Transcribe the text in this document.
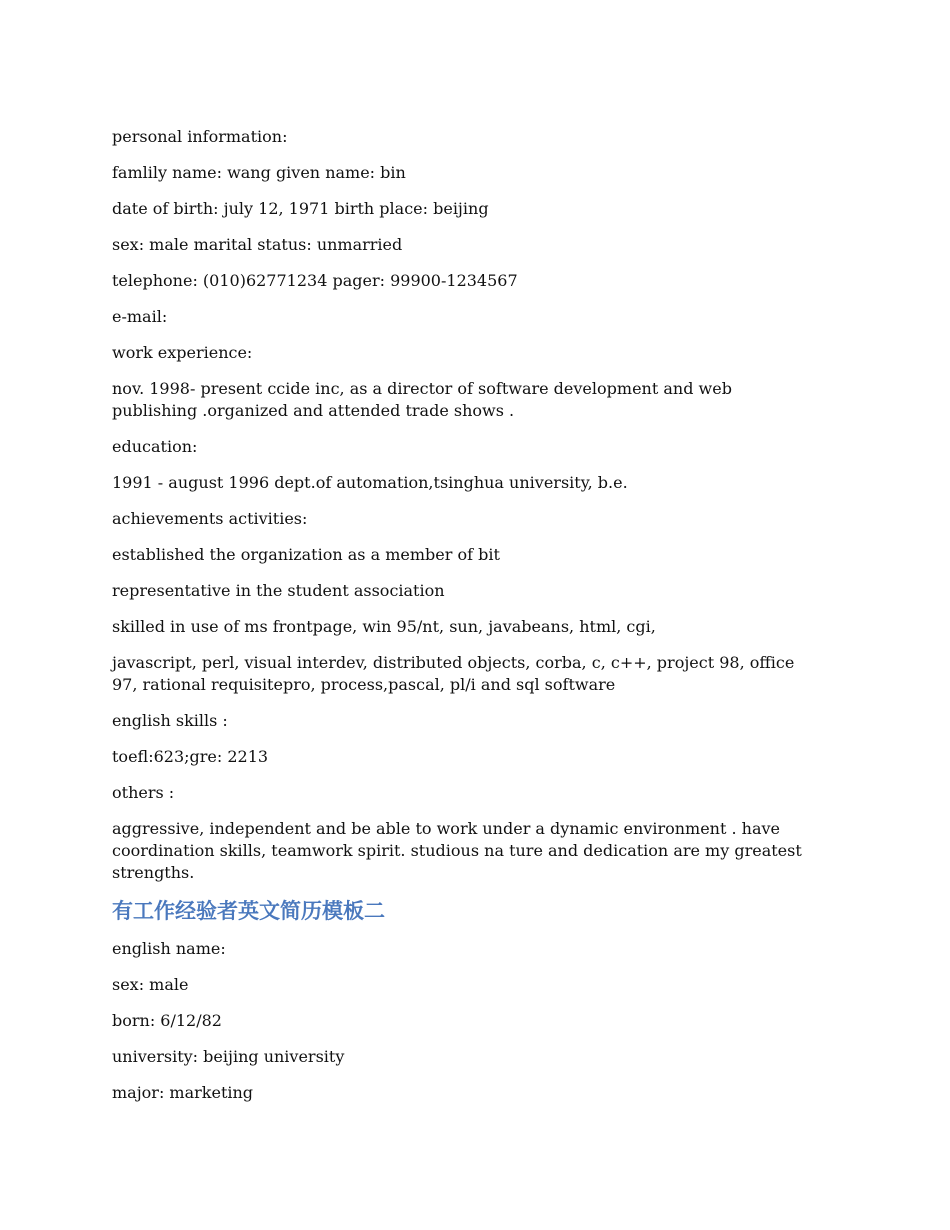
personal information:

famlily name: wang given name: bin

date of birth: july 12, 1971 birth place: beijing

sex: male marital status: unmarried

telephone: (010)62771234 pager: 99900-1234567

e-mail:

work experience:

nov. 1998- present ccide inc, as a director of software development and web publishing .organized and attended trade shows .

education:

1991 - august 1996 dept.of automation,tsinghua university, b.e.

achievements activities:

established the organization as a member of bit

representative in the student association

skilled in use of ms frontpage, win 95/nt, sun, javabeans, html, cgi,

javascript, perl, visual interdev, distributed objects, corba, c, c++, project 98, office 97, rational requisitepro, process,pascal, pl/i and sql software

english skills :

toefl:623;gre: 2213

others :

aggressive, independent and be able to work under a dynamic environment . have coordination skills, teamwork spirit. studious na ture and dedication are my greatest strengths.

有工作经验者英文简历模板二

english name:

sex: male

born: 6/12/82

university: beijing university

major: marketing
